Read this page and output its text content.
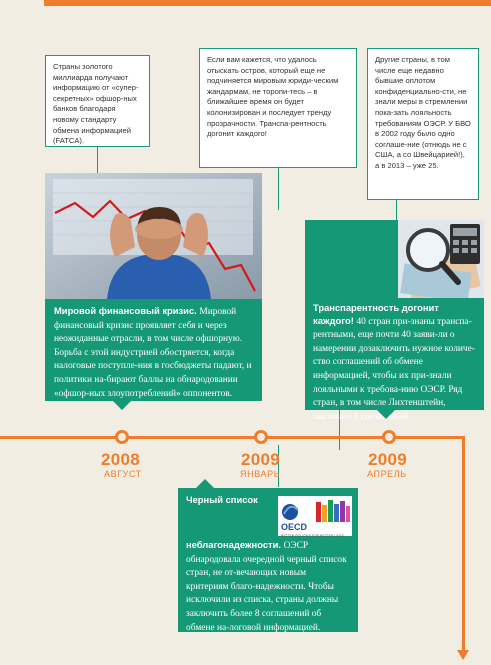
Страны золотого миллиарда получают информацию от «супер-секретных» офшор-ных банков благодаря новому стандарту обмена информацией (FATCA).

Если вам кажется, что удалось отыскать остров, который еще не подчиняется мировым юриди-ческим жандармам, не торопи-тесь – в ближайшее время он будет колонизирован и последует тренду прозрачности. Транспа-рентность догонит каждого!

Другие страны, в том числе еще недавно бывшие оплотом конфиденциально-сти, не знали меры в стремлении пока-зать лояльность требованиям ОЭСР. У БВО в 2002 году было одно соглаше-ние (отнюдь не с США, а со Швейцарией!), а в 2013 – уже 25.

Мировой финансовый кризис. Мировой финансовый кризис проявляет себя и через неожиданные отрасли, в том числе офшорную. Борьба с этой индустрией обостряется, когда налоговые поступле-ния в госбюджеты падают, и политики на-бирают баллы на обнародовании «офшор-ных злоупотреблений» оппонентов.

Транспарентность догонит каждого! 40 стран при-знаны транспа-рентными, еще почти 40 заяви-ли о намерении дозаключить нужное количе-ство соглашений об обмене информацией, чтобы их при-знали лояльными к требова-нию ОЭСР. Ряд стран, в том числе Лихтенштейн, заключил 8 соглашений.

2008
АВГУСТ
2009
ЯНВАРЬ
2009
АПРЕЛЬ
OECD
BETTER POLICIES FOR BETTER LIVES

Черный список неблагонадежности. ОЭСР обнародовала очередной черный список стран, не от-вечающих новым критериям благо-надежности. Чтобы исключили из списка, страны должны заключить более 8 соглашений об обмене на-логовой информацией.
